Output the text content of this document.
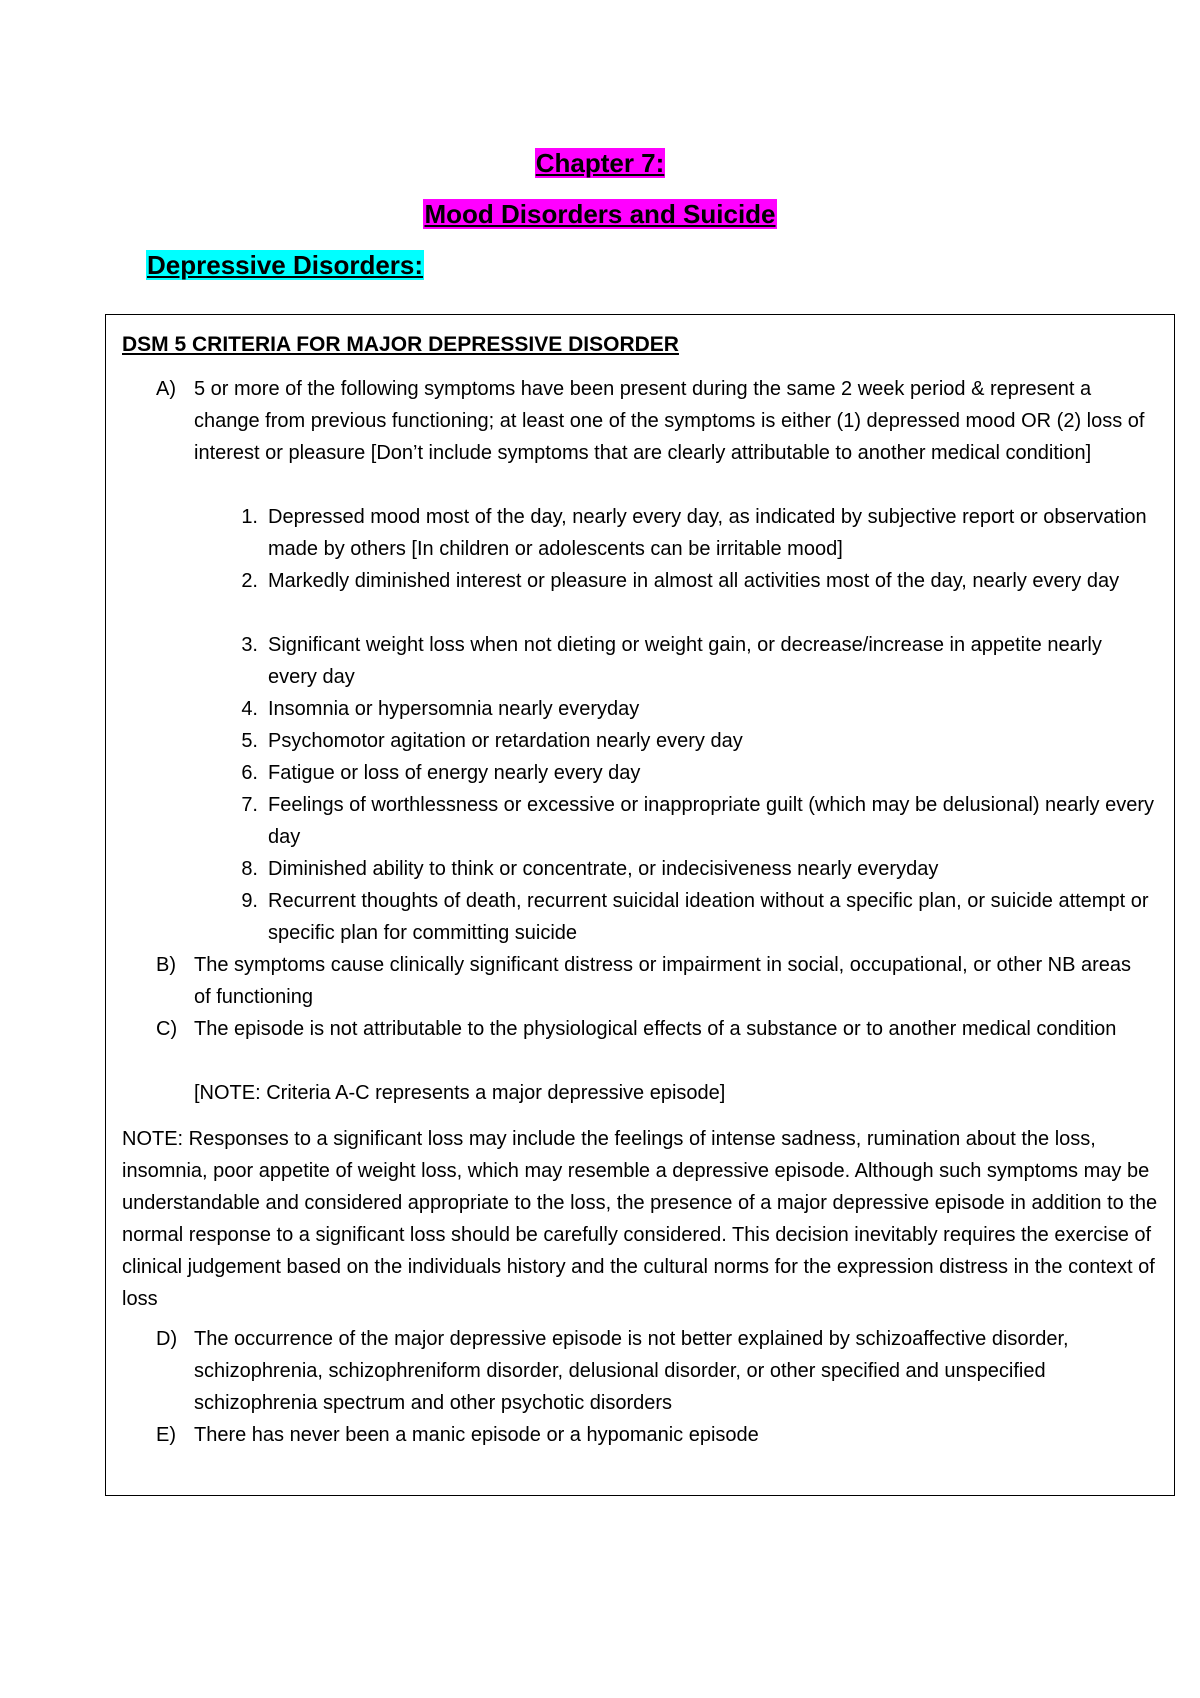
Chapter 7:
Mood Disorders and Suicide
Depressive Disorders:
DSM 5 CRITERIA FOR MAJOR DEPRESSIVE DISORDER
A) 5 or more of the following symptoms have been present during the same 2 week period & represent a change from previous functioning; at least one of the symptoms is either (1) depressed mood OR (2) loss of interest or pleasure [Don’t include symptoms that are clearly attributable to another medical condition]
1. Depressed mood most of the day, nearly every day, as indicated by subjective report or observation made by others [In children or adolescents can be irritable mood]
2. Markedly diminished interest or pleasure in almost all activities most of the day, nearly every day
3. Significant weight loss when not dieting or weight gain, or decrease/increase in appetite nearly every day
4. Insomnia or hypersomnia nearly everyday
5. Psychomotor agitation or retardation nearly every day
6. Fatigue or loss of energy nearly every day
7. Feelings of worthlessness or excessive or inappropriate guilt (which may be delusional) nearly every day
8. Diminished ability to think or concentrate, or indecisiveness nearly everyday
9. Recurrent thoughts of death, recurrent suicidal ideation without a specific plan, or suicide attempt or specific plan for committing suicide
B) The symptoms cause clinically significant distress or impairment in social, occupational, or other NB areas of functioning
C) The episode is not attributable to the physiological effects of a substance or to another medical condition
[NOTE: Criteria A-C represents a major depressive episode]
NOTE: Responses to a significant loss may include the feelings of intense sadness, rumination about the loss, insomnia, poor appetite of weight loss, which may resemble a depressive episode. Although such symptoms may be understandable and considered appropriate to the loss, the presence of a major depressive episode in addition to the normal response to a significant loss should be carefully considered. This decision inevitably requires the exercise of clinical judgement based on the individuals history and the cultural norms for the expression distress in the context of loss
D) The occurrence of the major depressive episode is not better explained by schizoaffective disorder, schizophrenia, schizophreniform disorder, delusional disorder, or other specified and unspecified schizophrenia spectrum and other psychotic disorders
E) There has never been a manic episode or a hypomanic episode
